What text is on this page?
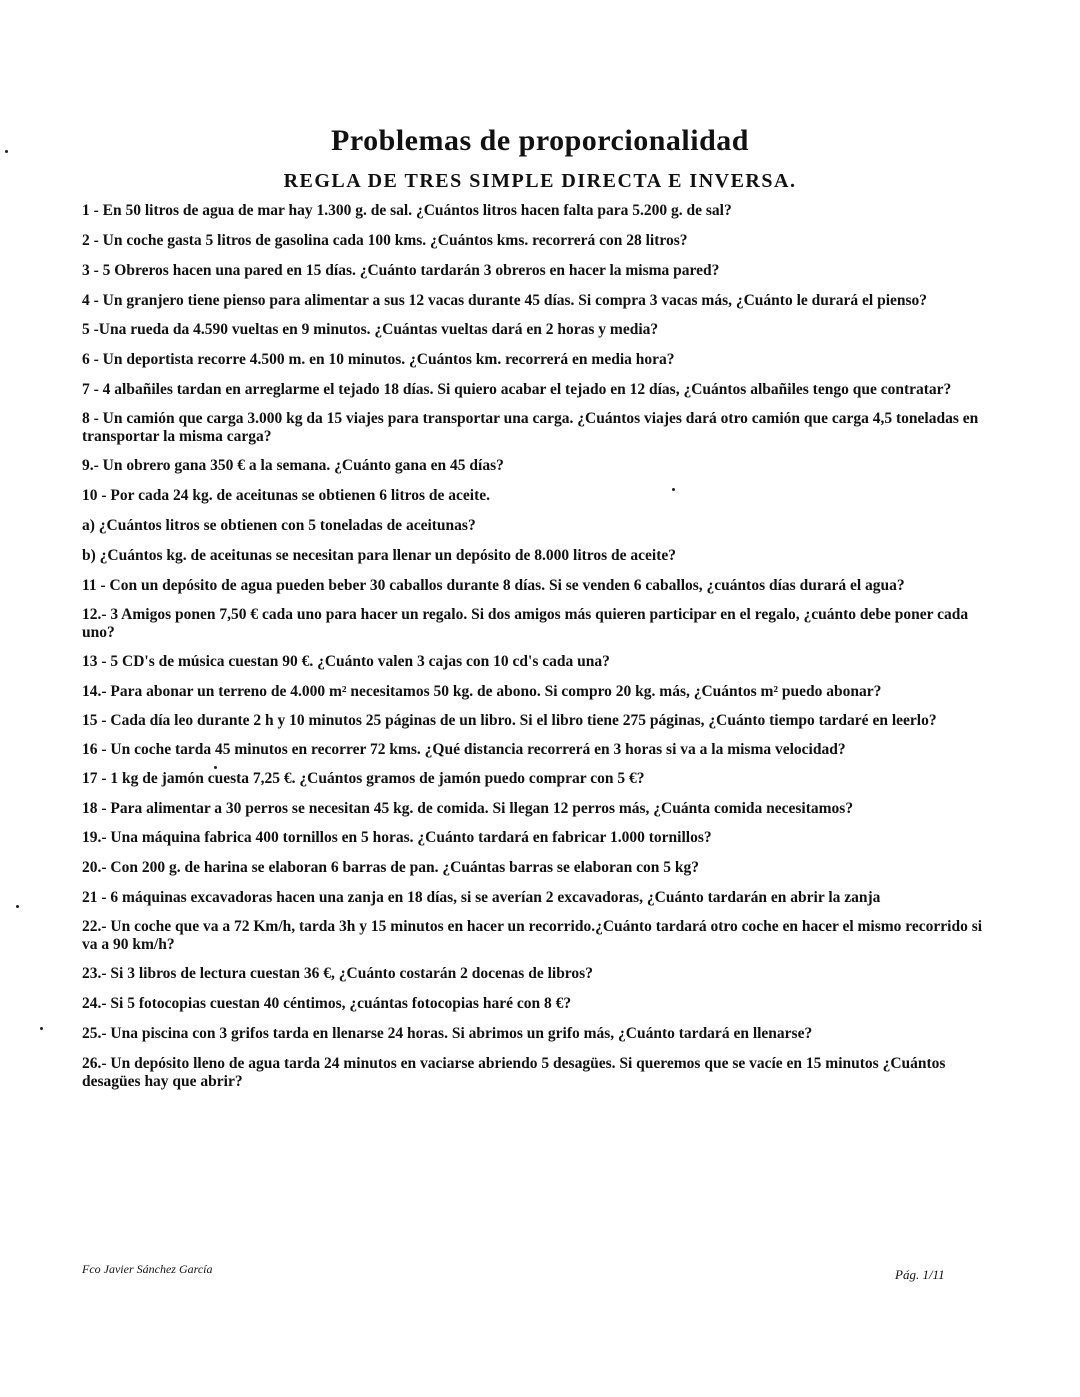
Problemas de proporcionalidad
REGLA DE TRES SIMPLE DIRECTA E INVERSA.

1 - En 50 litros de agua de mar hay 1.300 g. de sal. ¿Cuántos litros hacen falta para 5.200 g. de sal?

2 - Un coche gasta 5 litros de gasolina cada 100 kms. ¿Cuántos kms. recorrerá con 28 litros?

3 - 5 Obreros hacen una pared en 15 días. ¿Cuánto tardarán 3 obreros en hacer la misma pared?

4 - Un granjero tiene pienso para alimentar a sus 12 vacas durante 45 días. Si compra 3 vacas más, ¿Cuánto le durará el pienso?

5 -Una rueda da 4.590 vueltas en 9 minutos. ¿Cuántas vueltas dará en 2 horas y media?

6 - Un deportista recorre 4.500 m. en 10 minutos. ¿Cuántos km. recorrerá en media hora?

7 - 4 albañiles tardan en arreglarme el tejado 18 días. Si quiero acabar el tejado en 12 días, ¿Cuántos albañiles tengo que contratar?

8 - Un camión que carga 3.000 kg da 15 viajes para transportar una carga. ¿Cuántos viajes dará otro camión que carga 4,5 toneladas en transportar la misma carga?

9.- Un obrero gana 350 € a la semana. ¿Cuánto gana en 45 días?

10 - Por cada 24 kg. de aceitunas se obtienen 6 litros de aceite.

a) ¿Cuántos litros se obtienen con 5 toneladas de aceitunas?

b) ¿Cuántos kg. de aceitunas se necesitan para llenar un depósito de 8.000 litros de aceite?

11 - Con un depósito de agua pueden beber 30 caballos durante 8 días. Si se venden 6 caballos, ¿cuántos días durará el agua?

12.- 3 Amigos ponen 7,50 € cada uno para hacer un regalo. Si dos amigos más quieren participar en el regalo, ¿cuánto debe poner cada uno?

13 - 5 CD's de música cuestan 90 €. ¿Cuánto valen 3 cajas con 10 cd's cada una?

14.- Para abonar un terreno de 4.000 m² necesitamos 50 kg. de abono. Si compro 20 kg. más, ¿Cuántos m² puedo abonar?

15 - Cada día leo durante 2 h y 10 minutos 25 páginas de un libro. Si el libro tiene 275 páginas, ¿Cuánto tiempo tardaré en leerlo?

16 - Un coche tarda 45 minutos en recorrer 72 kms. ¿Qué distancia recorrerá en 3 horas si va a la misma velocidad?

17 - 1 kg de jamón cuesta 7,25 €. ¿Cuántos gramos de jamón puedo comprar con 5 €?

18 - Para alimentar a 30 perros se necesitan 45 kg. de comida. Si llegan 12 perros más, ¿Cuánta comida necesitamos?

19.- Una máquina fabrica 400 tornillos en 5 horas. ¿Cuánto tardará en fabricar 1.000 tornillos?

20.- Con 200 g. de harina se elaboran 6 barras de pan. ¿Cuántas barras se elaboran con 5 kg?

21 - 6 máquinas excavadoras hacen una zanja en 18 días, si se averían 2 excavadoras, ¿Cuánto tardarán en abrir la zanja

22.- Un coche que va a 72 Km/h, tarda 3h y 15 minutos en hacer un recorrido.¿Cuánto tardará otro coche en hacer el mismo recorrido si va a 90 km/h?

23.- Si 3 libros de lectura cuestan 36 €, ¿Cuánto costarán 2 docenas de libros?

24.- Si 5 fotocopias cuestan 40 céntimos, ¿cuántas fotocopias haré con 8 €?

25.- Una piscina con 3 grifos tarda en llenarse 24 horas. Si abrimos un grifo más, ¿Cuánto tardará en llenarse?

26.- Un depósito lleno de agua tarda 24 minutos en vaciarse abriendo 5 desagües. Si queremos que se vacíe en 15 minutos ¿Cuántos desagües hay que abrir?

Fco Javier Sánchez García	Pág. 1/11
